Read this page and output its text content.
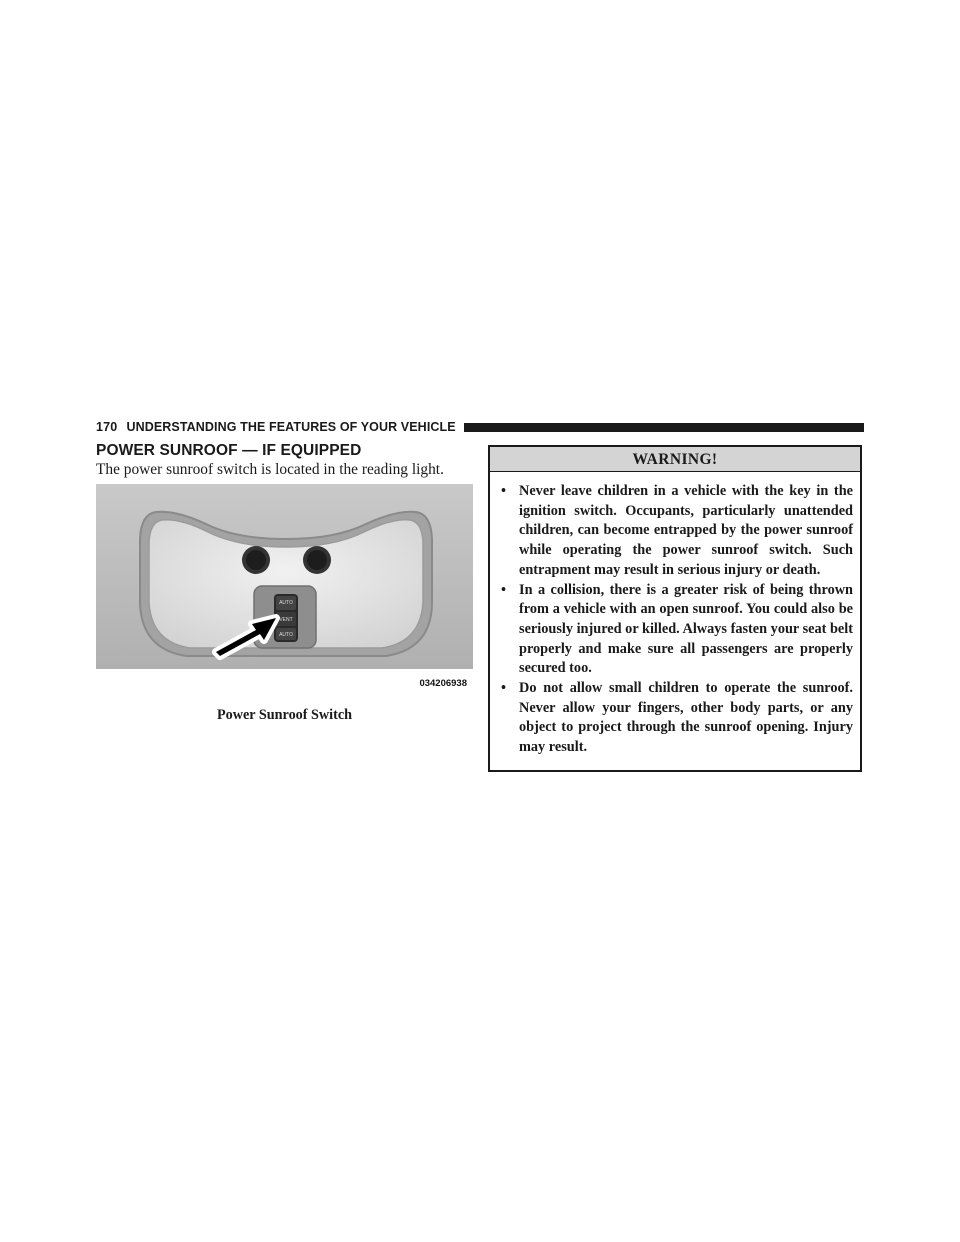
170 UNDERSTANDING THE FEATURES OF YOUR VEHICLE
POWER SUNROOF — IF EQUIPPED
The power sunroof switch is located in the reading light.
AUTO
VENT
AUTO
034206938
Power Sunroof Switch
WARNING!
• Never leave children in a vehicle with the key in the ignition switch. Occupants, particularly unattended children, can become entrapped by the power sunroof while operating the power sunroof switch. Such entrapment may result in serious injury or death.
• In a collision, there is a greater risk of being thrown from a vehicle with an open sunroof. You could also be seriously injured or killed. Always fasten your seat belt properly and make sure all passengers are properly secured too.
• Do not allow small children to operate the sunroof. Never allow your fingers, other body parts, or any object to project through the sunroof opening. Injury may result.
